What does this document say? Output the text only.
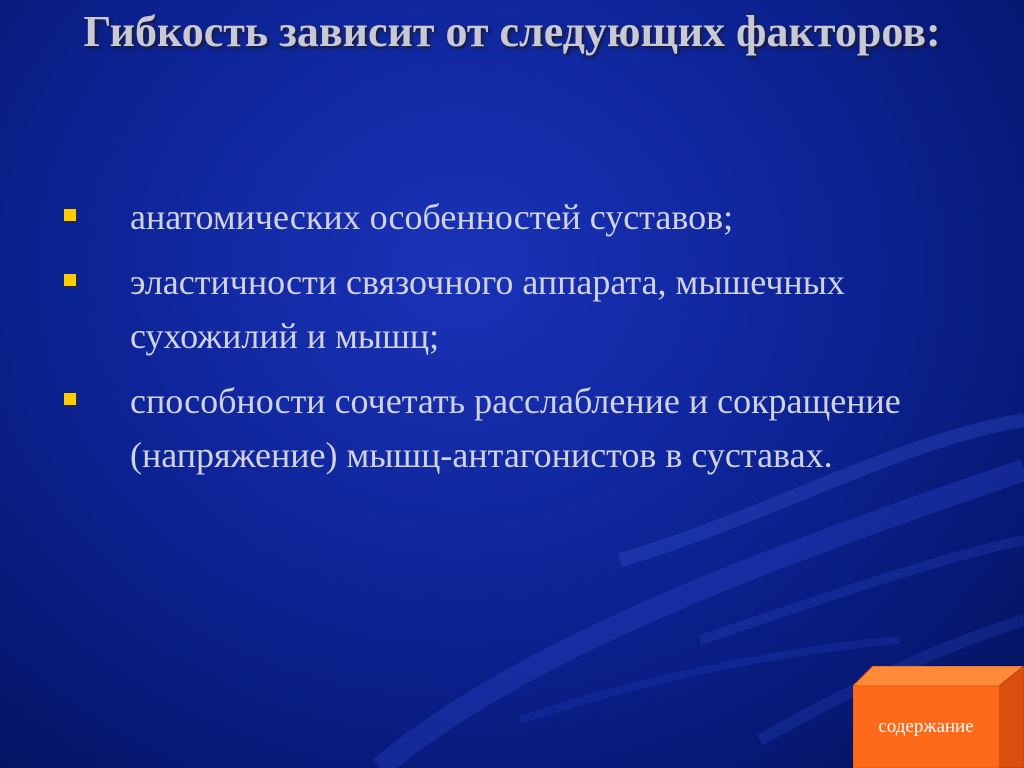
Гибкость зависит от следующих факторов:
анатомических особенностей суставов;
эластичности связочного аппарата, мышечных сухожилий и мышц;
способности сочетать расслабление и сокращение (напряжение) мышц-антагонистов в суставах.
содержание
